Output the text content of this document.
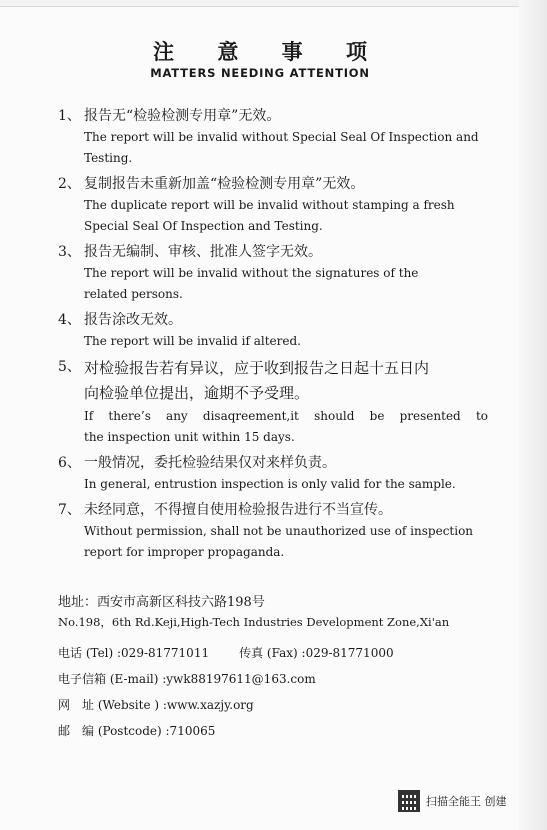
注 意 事 项
MATTERS NEEDING ATTENTION
1、 报告无“检验检测专用章”无效。
The report will be invalid without Special Seal Of Inspection and
Testing.
2、 复制报告未重新加盖“检验检测专用章”无效。
The duplicate report will be invalid without stamping a fresh
Special Seal Of Inspection and Testing.
3、 报告无编制、审核、批准人签字无效。
The report will be invalid without the signatures of the
related persons.
4、 报告涂改无效。
The report will be invalid if altered.
5、 对检验报告若有异议，应于收到报告之日起十五日内
向检验单位提出，逾期不予受理。
If there’s any disaqreement,it should be presented to
the inspection unit within 15 days.
6、 一般情况，委托检验结果仅对来样负责。
In general, entrustion inspection is only valid for the sample.
7、 未经同意，不得擅自使用检验报告进行不当宣传。
Without permission, shall not be unauthorized use of inspection
report for improper propaganda.
地址：西安市高新区科技六路198号
No.198，6th Rd.Keji,High-Tech Industries Development Zone,Xi'an
电话 (Tel) :029-81771011	传真 (Fax) :029-81771000
电子信箱 (E-mail) :ywk88197611@163.com
网　址 (Website ) :www.xazjy.org
邮　编 (Postcode) :710065
扫描全能王 创建
